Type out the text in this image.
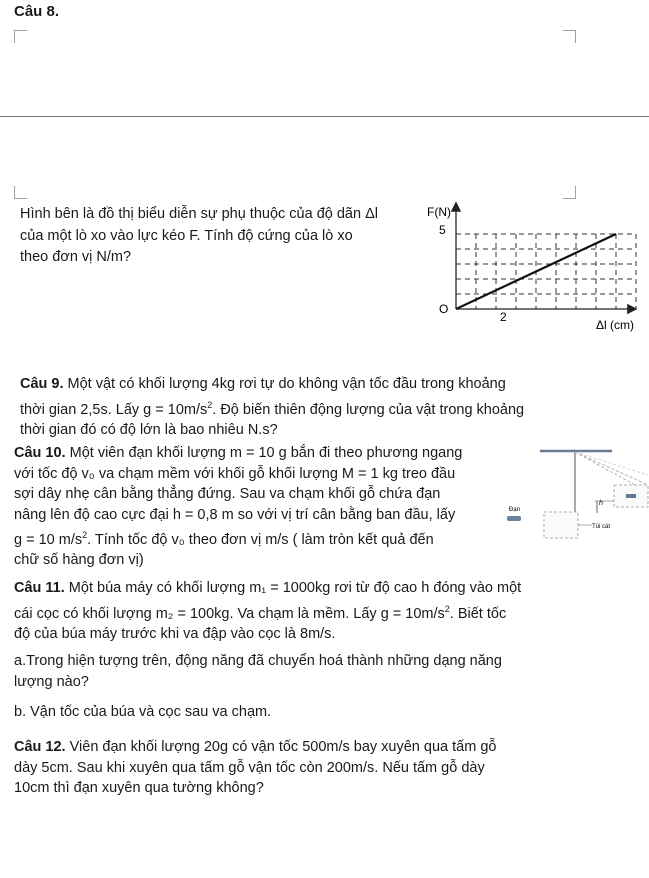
Câu 8.
Hình bên là đồ thị biểu diễn sự phụ thuộc của độ dãn Δl
của một lò xo vào lực kéo F. Tính độ cứng của lò xo
theo đơn vị N/m?
F(N)
5
O
2
Δl (cm)
Câu 9. Một vật có khối lượng 4kg rơi tự do không vận tốc đầu trong khoảng
thời gian 2,5s. Lấy $g = 10m/s^2$. Độ biến thiên động lượng của vật trong khoảng
thời gian đó có độ lớn là bao nhiêu N.s?
Câu 10. Một viên đạn khối lượng m = 10 g bắn đi theo phương ngang
với tốc độ v₀ va chạm mềm với khối gỗ khối lượng M = 1 kg treo đầu
sợi dây nhẹ cân bằng thẳng đứng. Sau va chạm khối gỗ chứa đạn
nâng lên độ cao cực đại h = 0,8 m so với vị trí cân bằng ban đầu, lấy
g = 10 $m/s^2$. Tính tốc độ v₀ theo đơn vị m/s ( làm tròn kết quả đến
chữ số hàng đơn vị)
h
Túi cát
Đạn
Câu 11. Một búa máy có khối lượng m₁ = 1000kg rơi từ độ cao h đóng vào một
cái cọc có khối lượng m₂ = 100kg. Va chạm là mềm. Lấy $g = 10m/s^2$. Biết tốc
độ của búa máy trước khi va đập vào cọc là 8m/s.
a.Trong hiện tượng trên, động năng đã chuyển hoá thành những dạng năng
lượng nào?
b. Vận tốc của búa và cọc sau va chạm.
Câu 12. Viên đạn khối lượng 20g có vận tốc 500m/s bay xuyên qua tấm gỗ
dày 5cm. Sau khi xuyên qua tấm gỗ vận tốc còn 200m/s. Nếu tấm gỗ dày
10cm thì đạn xuyên qua tường không?
